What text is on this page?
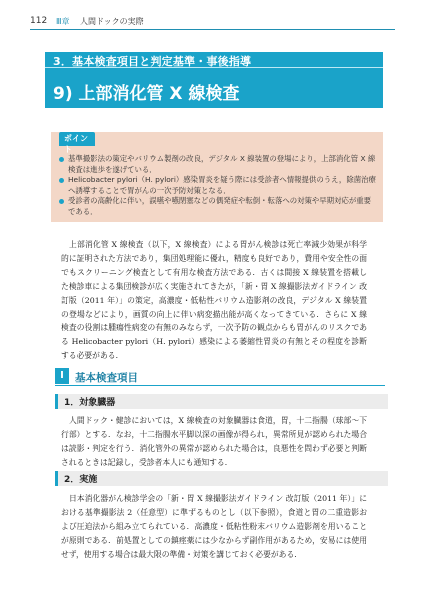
112 Ⅲ章 人間ドックの実際
3．基本検査項目と判定基準・事後指導
9) 上部消化管 X 線検査
ポイント
基準撮影法の策定やバリウム製剤の改良，デジタル X 線装置の登場により，上部消化管 X 線検査は進歩を遂げている．
Helicobacter pylori（H. pylori）感染胃炎を疑う際には受診者へ情報提供のうえ，除菌治療へ誘導することで胃がんの一次予防対策となる．
受診者の高齢化に伴い，誤嚥や嚥閉塞などの偶発症や転倒・転落への対策や早期対応が重要である．

上部消化管 X 線検査（以下，X 線検査）による胃がん検診は死亡率減少効果が科学的に証明された方法であり，集団処理能に優れ，精度も良好であり，費用や安全性の面でもスクリーニング検査として有用な検査方法である．古くは間接 X 線装置を搭載した検診車による集団検診が広く実施されてきたが，「新・胃 X 線撮影法ガイドライン 改訂版（2011 年）」の策定，高濃度・低粘性バリウム造影剤の改良，デジタル X 線装置の登場などにより，画質の向上に伴い病変描出能が高くなってきている．さらに X 線検査の役割は腫瘍性病変の有無のみならず，一次予防の観点からも胃がんのリスクである Helicobacter pylori（H. pylori）感染による萎縮性胃炎の有無とその程度を診断する必要がある．

Ⅰ	基本検査項目
1．対象臓器

人間ドック・健診においては，X 線検査の対象臓器は食道，胃，十二指腸（球部〜下行部）とする．なお，十二指腸水平脚以深の画像が得られ，異常所見が認められた場合は読影・判定を行う．消化管外の異常が認められた場合は，良悪性を問わず必要と判断されるときは記録し，受診者本人にも通知する．

2．実施

日本消化器がん検診学会の「新・胃 X 線撮影法ガイドライン 改訂版（2011 年）」における基準撮影法 2（任意型）に準ずるものとし（以下参照），食道と胃の二重造影および圧迫法から組み立てられている．高濃度・低粘性粉末バリウム造影剤を用いることが原則である．前処置としての鎮痙薬には少なからず副作用があるため，安易には使用せず，使用する場合は最大限の準備・対策を講じておく必要がある．
